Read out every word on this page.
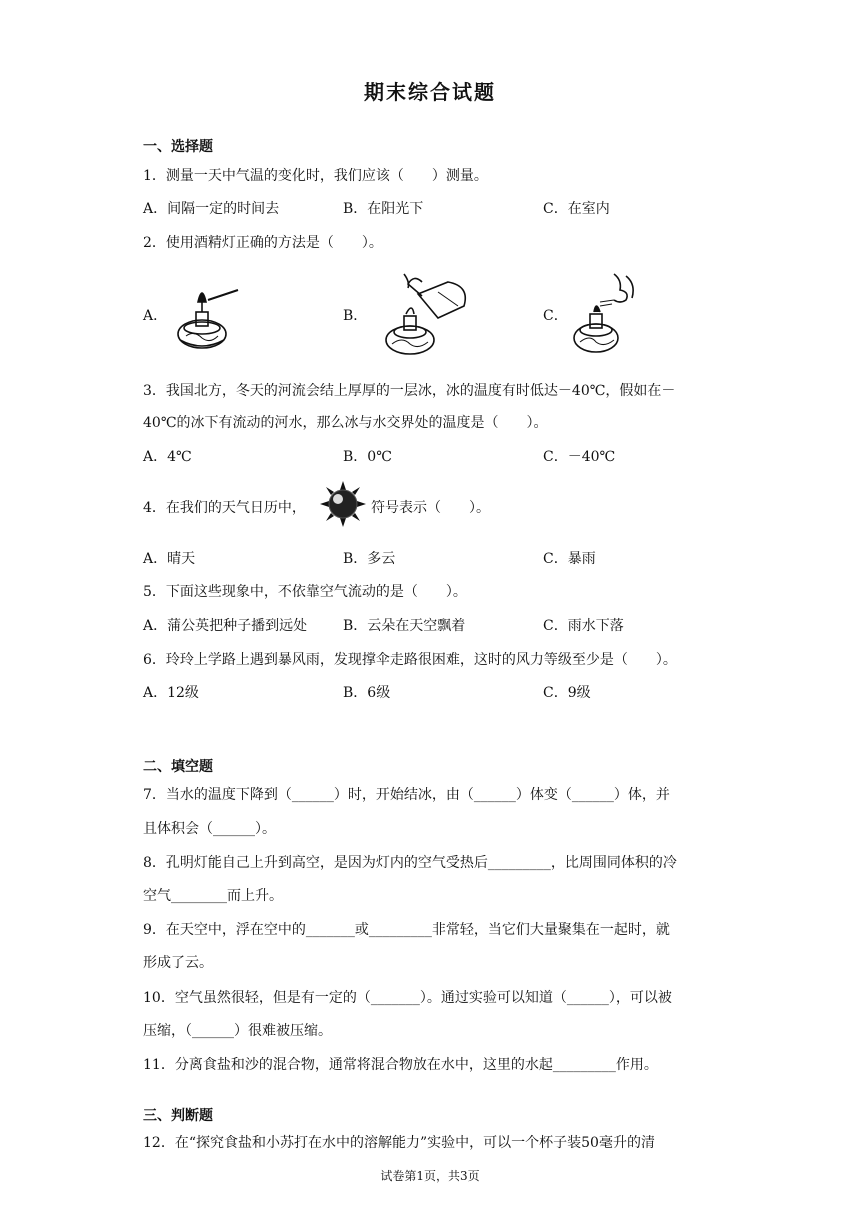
期末综合试题
一、选择题
1．测量一天中气温的变化时，我们应该（　　）测量。
A．间隔一定的时间去	B．在阳光下	C．在室内
2．使用酒精灯正确的方法是（　　）。
A．	B．	C．
3．我国北方，冬天的河流会结上厚厚的一层冰，冰的温度有时低达－40℃，假如在－
40℃的冰下有流动的河水，那么冰与水交界处的温度是（　　）。
A．4℃	B．0℃	C．－40℃
4．在我们的天气日历中，	符号表示（　　）。
A．晴天	B．多云	C．暴雨
5．下面这些现象中，不依靠空气流动的是（　　）。
A．蒲公英把种子播到远处	B．云朵在天空飘着	C．雨水下落
6．玲玲上学路上遇到暴风雨，发现撑伞走路很困难，这时的风力等级至少是（　　）。
A．12级	B．6级	C．9级
二、填空题
7．当水的温度下降到（______）时，开始结冰，由（______）体变（______）体，并
且体积会（______）。
8．孔明灯能自己上升到高空，是因为灯内的空气受热后_________，比周围同体积的冷
空气________而上升。
9．在天空中，浮在空中的_______或_________非常轻，当它们大量聚集在一起时，就
形成了云。
10．空气虽然很轻，但是有一定的（_______）。通过实验可以知道（______），可以被
压缩，（______）很难被压缩。
11．分离食盐和沙的混合物，通常将混合物放在水中，这里的水起_________作用。
三、判断题
12．在“探究食盐和小苏打在水中的溶解能力”实验中，可以一个杯子装50毫升的清
试卷第1页，共3页
